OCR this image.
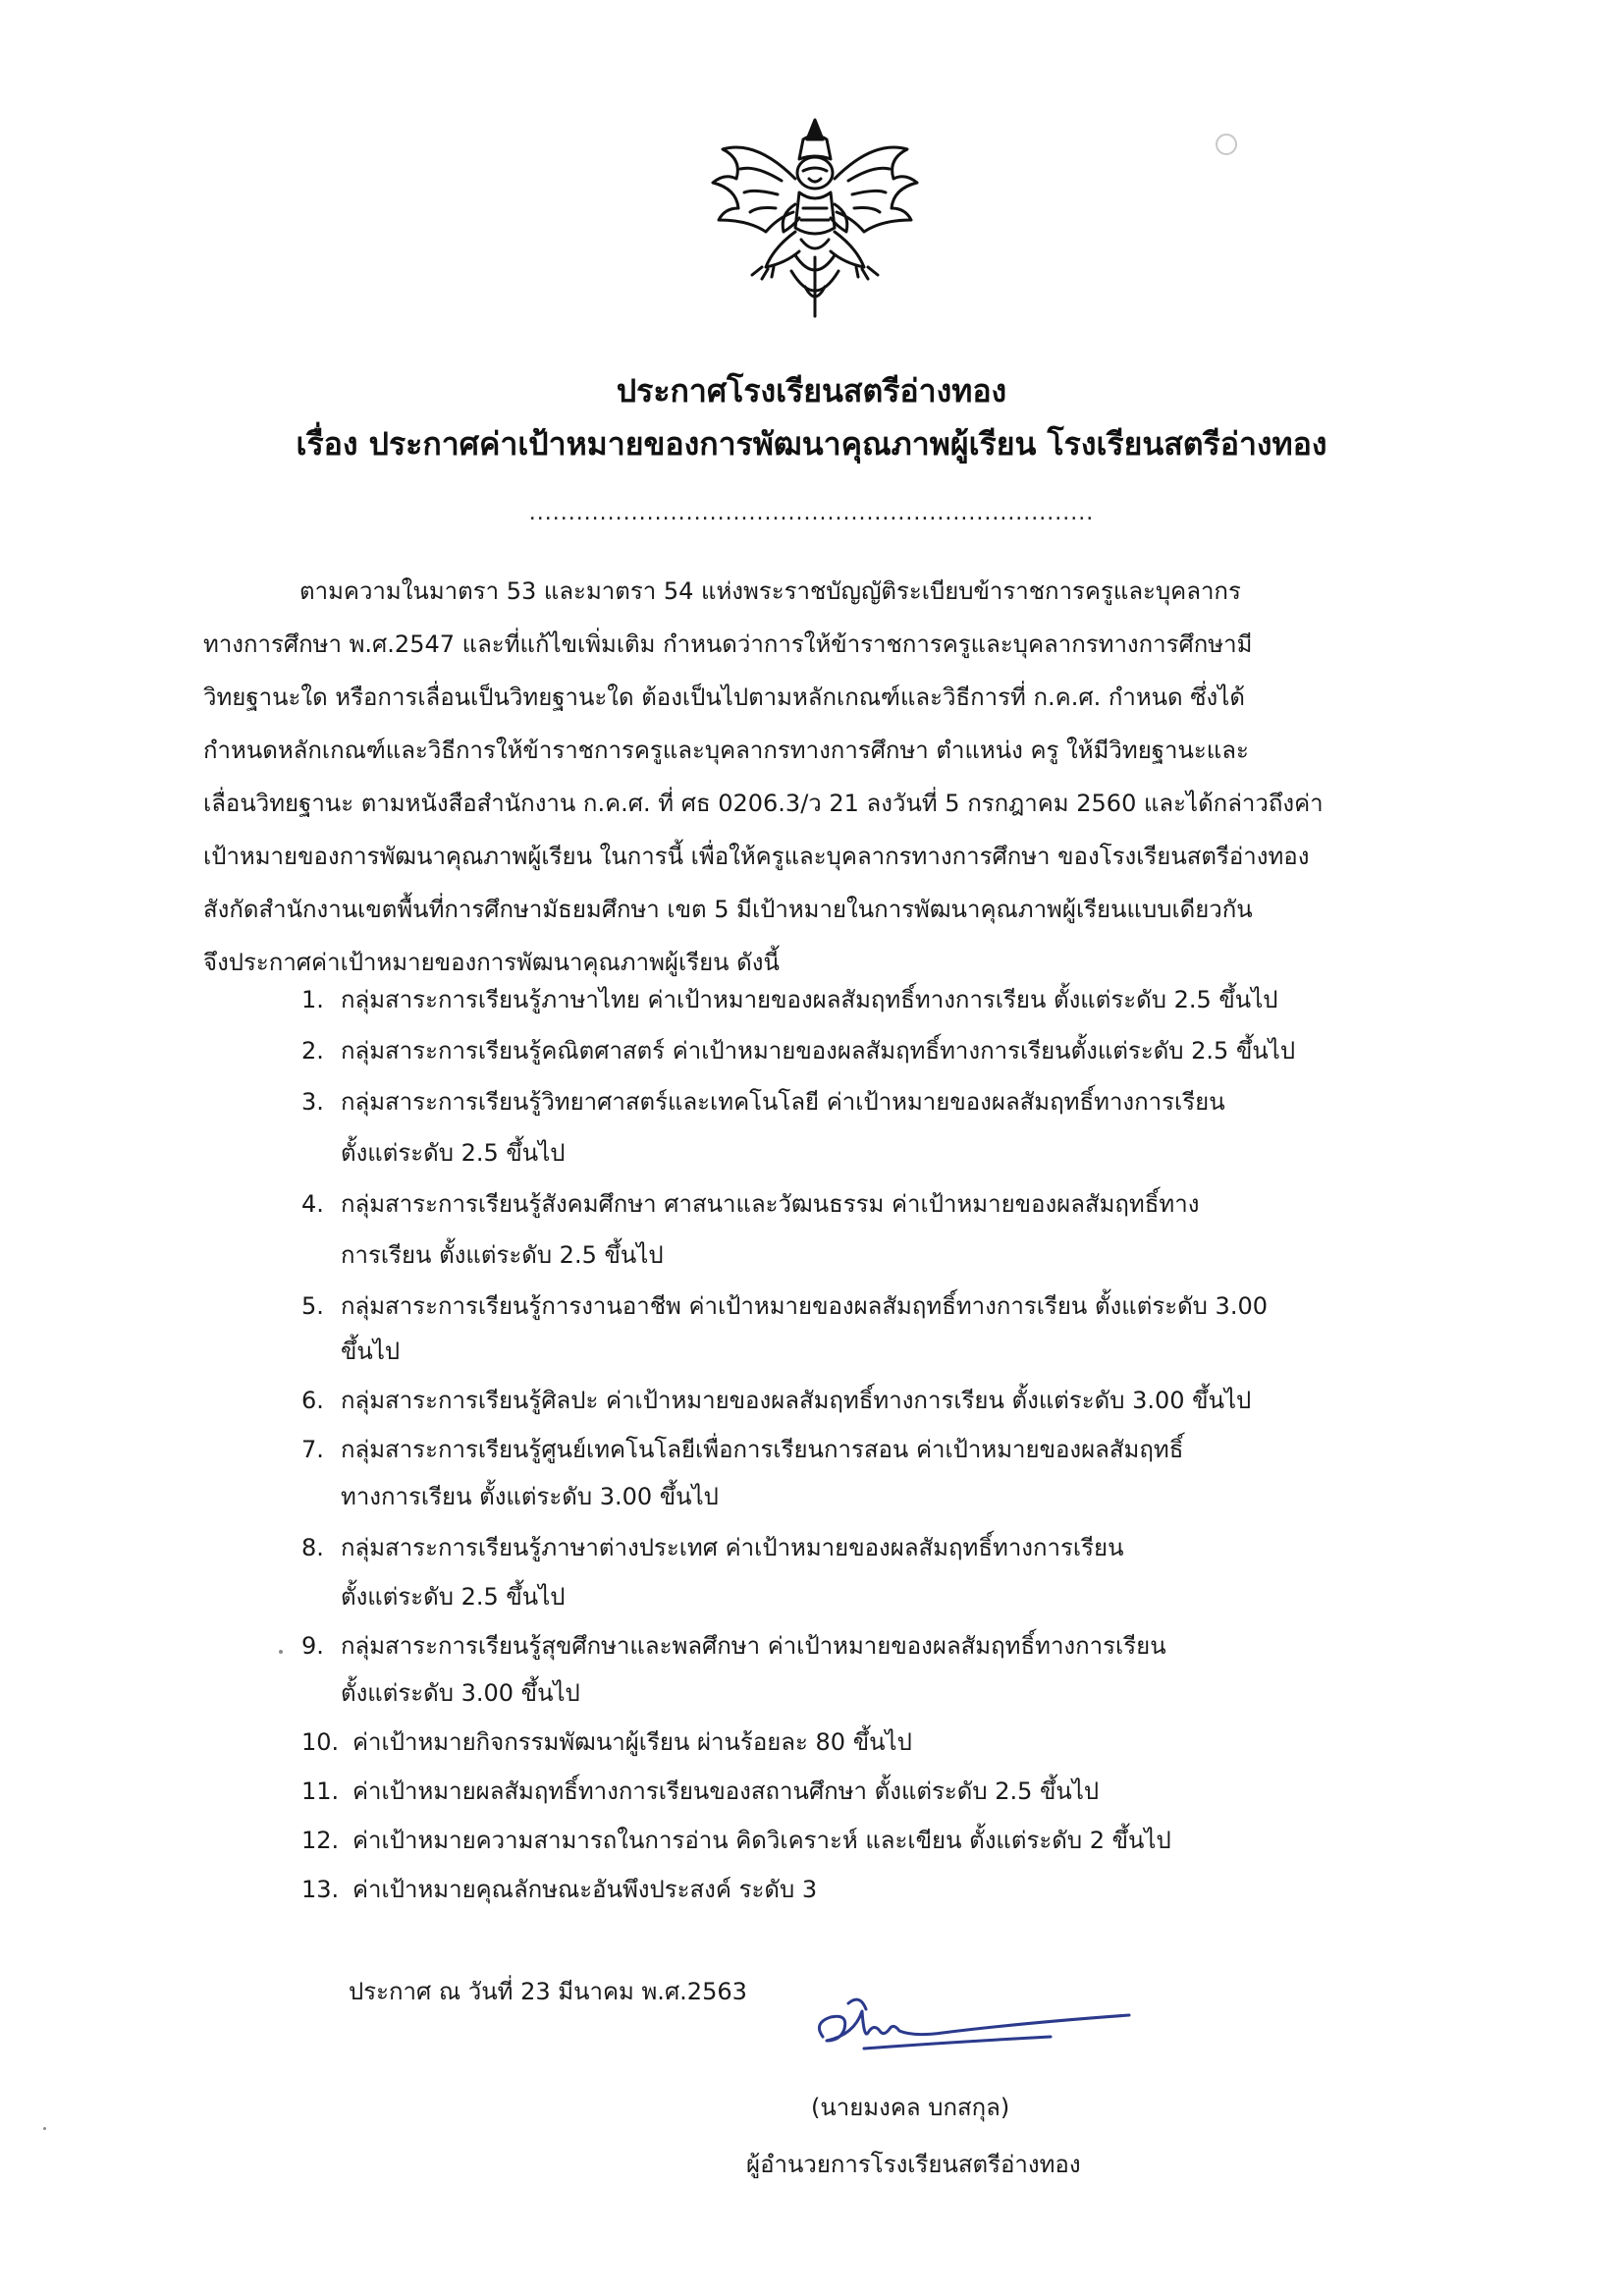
ประกาศโรงเรียนสตรีอ่างทอง
เรื่อง ประกาศค่าเป้าหมายของการพัฒนาคุณภาพผู้เรียน โรงเรียนสตรีอ่างทอง
........................................................................
ตามความในมาตรา 53 และมาตรา 54 แห่งพระราชบัญญัติระเบียบข้าราชการครูและบุคลากร
ทางการศึกษา พ.ศ.2547 และที่แก้ไขเพิ่มเติม กำหนดว่าการให้ข้าราชการครูและบุคลากรทางการศึกษามี
วิทยฐานะใด หรือการเลื่อนเป็นวิทยฐานะใด ต้องเป็นไปตามหลักเกณฑ์และวิธีการที่ ก.ค.ศ. กำหนด ซึ่งได้
กำหนดหลักเกณฑ์และวิธีการให้ข้าราชการครูและบุคลากรทางการศึกษา ตำแหน่ง ครู ให้มีวิทยฐานะและ
เลื่อนวิทยฐานะ ตามหนังสือสำนักงาน ก.ค.ศ. ที่ ศธ 0206.3/ว 21 ลงวันที่ 5 กรกฎาคม 2560 และได้กล่าวถึงค่า
เป้าหมายของการพัฒนาคุณภาพผู้เรียน ในการนี้ เพื่อให้ครูและบุคลากรทางการศึกษา ของโรงเรียนสตรีอ่างทอง
สังกัดสำนักงานเขตพื้นที่การศึกษามัธยมศึกษา เขต 5 มีเป้าหมายในการพัฒนาคุณภาพผู้เรียนแบบเดียวกัน
จึงประกาศค่าเป้าหมายของการพัฒนาคุณภาพผู้เรียน ดังนี้
1. กลุ่มสาระการเรียนรู้ภาษาไทย ค่าเป้าหมายของผลสัมฤทธิ์ทางการเรียน ตั้งแต่ระดับ 2.5 ขึ้นไป
2. กลุ่มสาระการเรียนรู้คณิตศาสตร์ ค่าเป้าหมายของผลสัมฤทธิ์ทางการเรียนตั้งแต่ระดับ 2.5 ขึ้นไป
3. กลุ่มสาระการเรียนรู้วิทยาศาสตร์และเทคโนโลยี ค่าเป้าหมายของผลสัมฤทธิ์ทางการเรียน
ตั้งแต่ระดับ 2.5 ขึ้นไป
4. กลุ่มสาระการเรียนรู้สังคมศึกษา ศาสนาและวัฒนธรรม ค่าเป้าหมายของผลสัมฤทธิ์ทาง
การเรียน ตั้งแต่ระดับ 2.5 ขึ้นไป
5. กลุ่มสาระการเรียนรู้การงานอาชีพ ค่าเป้าหมายของผลสัมฤทธิ์ทางการเรียน ตั้งแต่ระดับ 3.00
ขึ้นไป
6. กลุ่มสาระการเรียนรู้ศิลปะ ค่าเป้าหมายของผลสัมฤทธิ์ทางการเรียน ตั้งแต่ระดับ 3.00 ขึ้นไป
7. กลุ่มสาระการเรียนรู้ศูนย์เทคโนโลยีเพื่อการเรียนการสอน ค่าเป้าหมายของผลสัมฤทธิ์
ทางการเรียน ตั้งแต่ระดับ 3.00 ขึ้นไป
8. กลุ่มสาระการเรียนรู้ภาษาต่างประเทศ ค่าเป้าหมายของผลสัมฤทธิ์ทางการเรียน
ตั้งแต่ระดับ 2.5 ขึ้นไป
9. กลุ่มสาระการเรียนรู้สุขศึกษาและพลศึกษา ค่าเป้าหมายของผลสัมฤทธิ์ทางการเรียน
ตั้งแต่ระดับ 3.00 ขึ้นไป
10. ค่าเป้าหมายกิจกรรมพัฒนาผู้เรียน ผ่านร้อยละ 80 ขึ้นไป
11. ค่าเป้าหมายผลสัมฤทธิ์ทางการเรียนของสถานศึกษา ตั้งแต่ระดับ 2.5 ขึ้นไป
12. ค่าเป้าหมายความสามารถในการอ่าน คิดวิเคราะห์ และเขียน ตั้งแต่ระดับ 2 ขึ้นไป
13. ค่าเป้าหมายคุณลักษณะอันพึงประสงค์ ระดับ 3
ประกาศ ณ วันที่ 23 มีนาคม พ.ศ.2563
(นายมงคล บกสกุล)
ผู้อำนวยการโรงเรียนสตรีอ่างทอง
